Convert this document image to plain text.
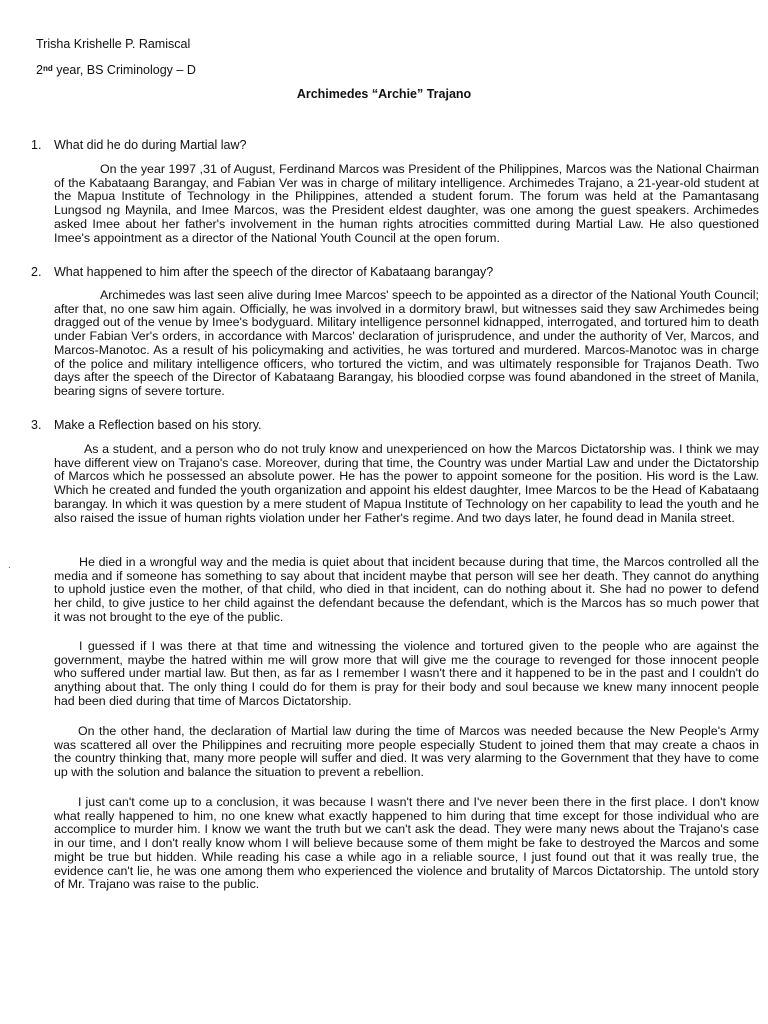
Trisha Krishelle P. Ramiscal
2nd year, BS Criminology – D
Archimedes “Archie” Trajano
1. What did he do during Martial law?

On the year 1997 ,31 of August, Ferdinand Marcos was President of the Philippines, Marcos was the National Chairman of the Kabataang Barangay, and Fabian Ver was in charge of military intelligence. Archimedes Trajano, a 21-year-old student at the Mapua Institute of Technology in the Philippines, attended a student forum. The forum was held at the Pamantasang Lungsod ng Maynila, and Imee Marcos, was the President eldest daughter, was one among the guest speakers. Archimedes asked Imee about her father's involvement in the human rights atrocities committed during Martial Law. He also questioned Imee's appointment as a director of the National Youth Council at the open forum.

2. What happened to him after the speech of the director of Kabataang barangay?

Archimedes was last seen alive during Imee Marcos' speech to be appointed as a director of the National Youth Council; after that, no one saw him again. Officially, he was involved in a dormitory brawl, but witnesses said they saw Archimedes being dragged out of the venue by Imee's bodyguard. Military intelligence personnel kidnapped, interrogated, and tortured him to death under Fabian Ver's orders, in accordance with Marcos' declaration of jurisprudence, and under the authority of Ver, Marcos, and Marcos-Manotoc. As a result of his policymaking and activities, he was tortured and murdered. Marcos-Manotoc was in charge of the police and military intelligence officers, who tortured the victim, and was ultimately responsible for Trajanos Death. Two days after the speech of the Director of Kabataang Barangay, his bloodied corpse was found abandoned in the street of Manila, bearing signs of severe torture.

3. Make a Reflection based on his story.

As a student, and a person who do not truly know and unexperienced on how the Marcos Dictatorship was. I think we may have different view on Trajano's case. Moreover, during that time, the Country was under Martial Law and under the Dictatorship of Marcos which he possessed an absolute power. He has the power to appoint someone for the position. His word is the Law. Which he created and funded the youth organization and appoint his eldest daughter, Imee Marcos to be the Head of Kabataang barangay. In which it was question by a mere student of Mapua Institute of Technology on her capability to lead the youth and he also raised the issue of human rights violation under her Father's regime. And two days later, he found dead in Manila street.

He died in a wrongful way and the media is quiet about that incident because during that time, the Marcos controlled all the media and if someone has something to say about that incident maybe that person will see her death. They cannot do anything to uphold justice even the mother, of that child, who died in that incident, can do nothing about it. She had no power to defend her child, to give justice to her child against the defendant because the defendant, which is the Marcos has so much power that it was not brought to the eye of the public.

I guessed if I was there at that time and witnessing the violence and tortured given to the people who are against the government, maybe the hatred within me will grow more that will give me the courage to revenged for those innocent people who suffered under martial law. But then, as far as I remember I wasn't there and it happened to be in the past and I couldn't do anything about that. The only thing I could do for them is pray for their body and soul because we knew many innocent people had been died during that time of Marcos Dictatorship.

On the other hand, the declaration of Martial law during the time of Marcos was needed because the New People's Army was scattered all over the Philippines and recruiting more people especially Student to joined them that may create a chaos in the country thinking that, many more people will suffer and died. It was very alarming to the Government that they have to come up with the solution and balance the situation to prevent a rebellion.

I just can't come up to a conclusion, it was because I wasn't there and I've never been there in the first place. I don't know what really happened to him, no one knew what exactly happened to him during that time except for those individual who are accomplice to murder him. I know we want the truth but we can't ask the dead. They were many news about the Trajano's case in our time, and I don't really know whom I will believe because some of them might be fake to destroyed the Marcos and some might be true but hidden. While reading his case a while ago in a reliable source, I just found out that it was really true, the evidence can't lie, he was one among them who experienced the violence and brutality of Marcos Dictatorship. The untold story of Mr. Trajano was raise to the public.

.
